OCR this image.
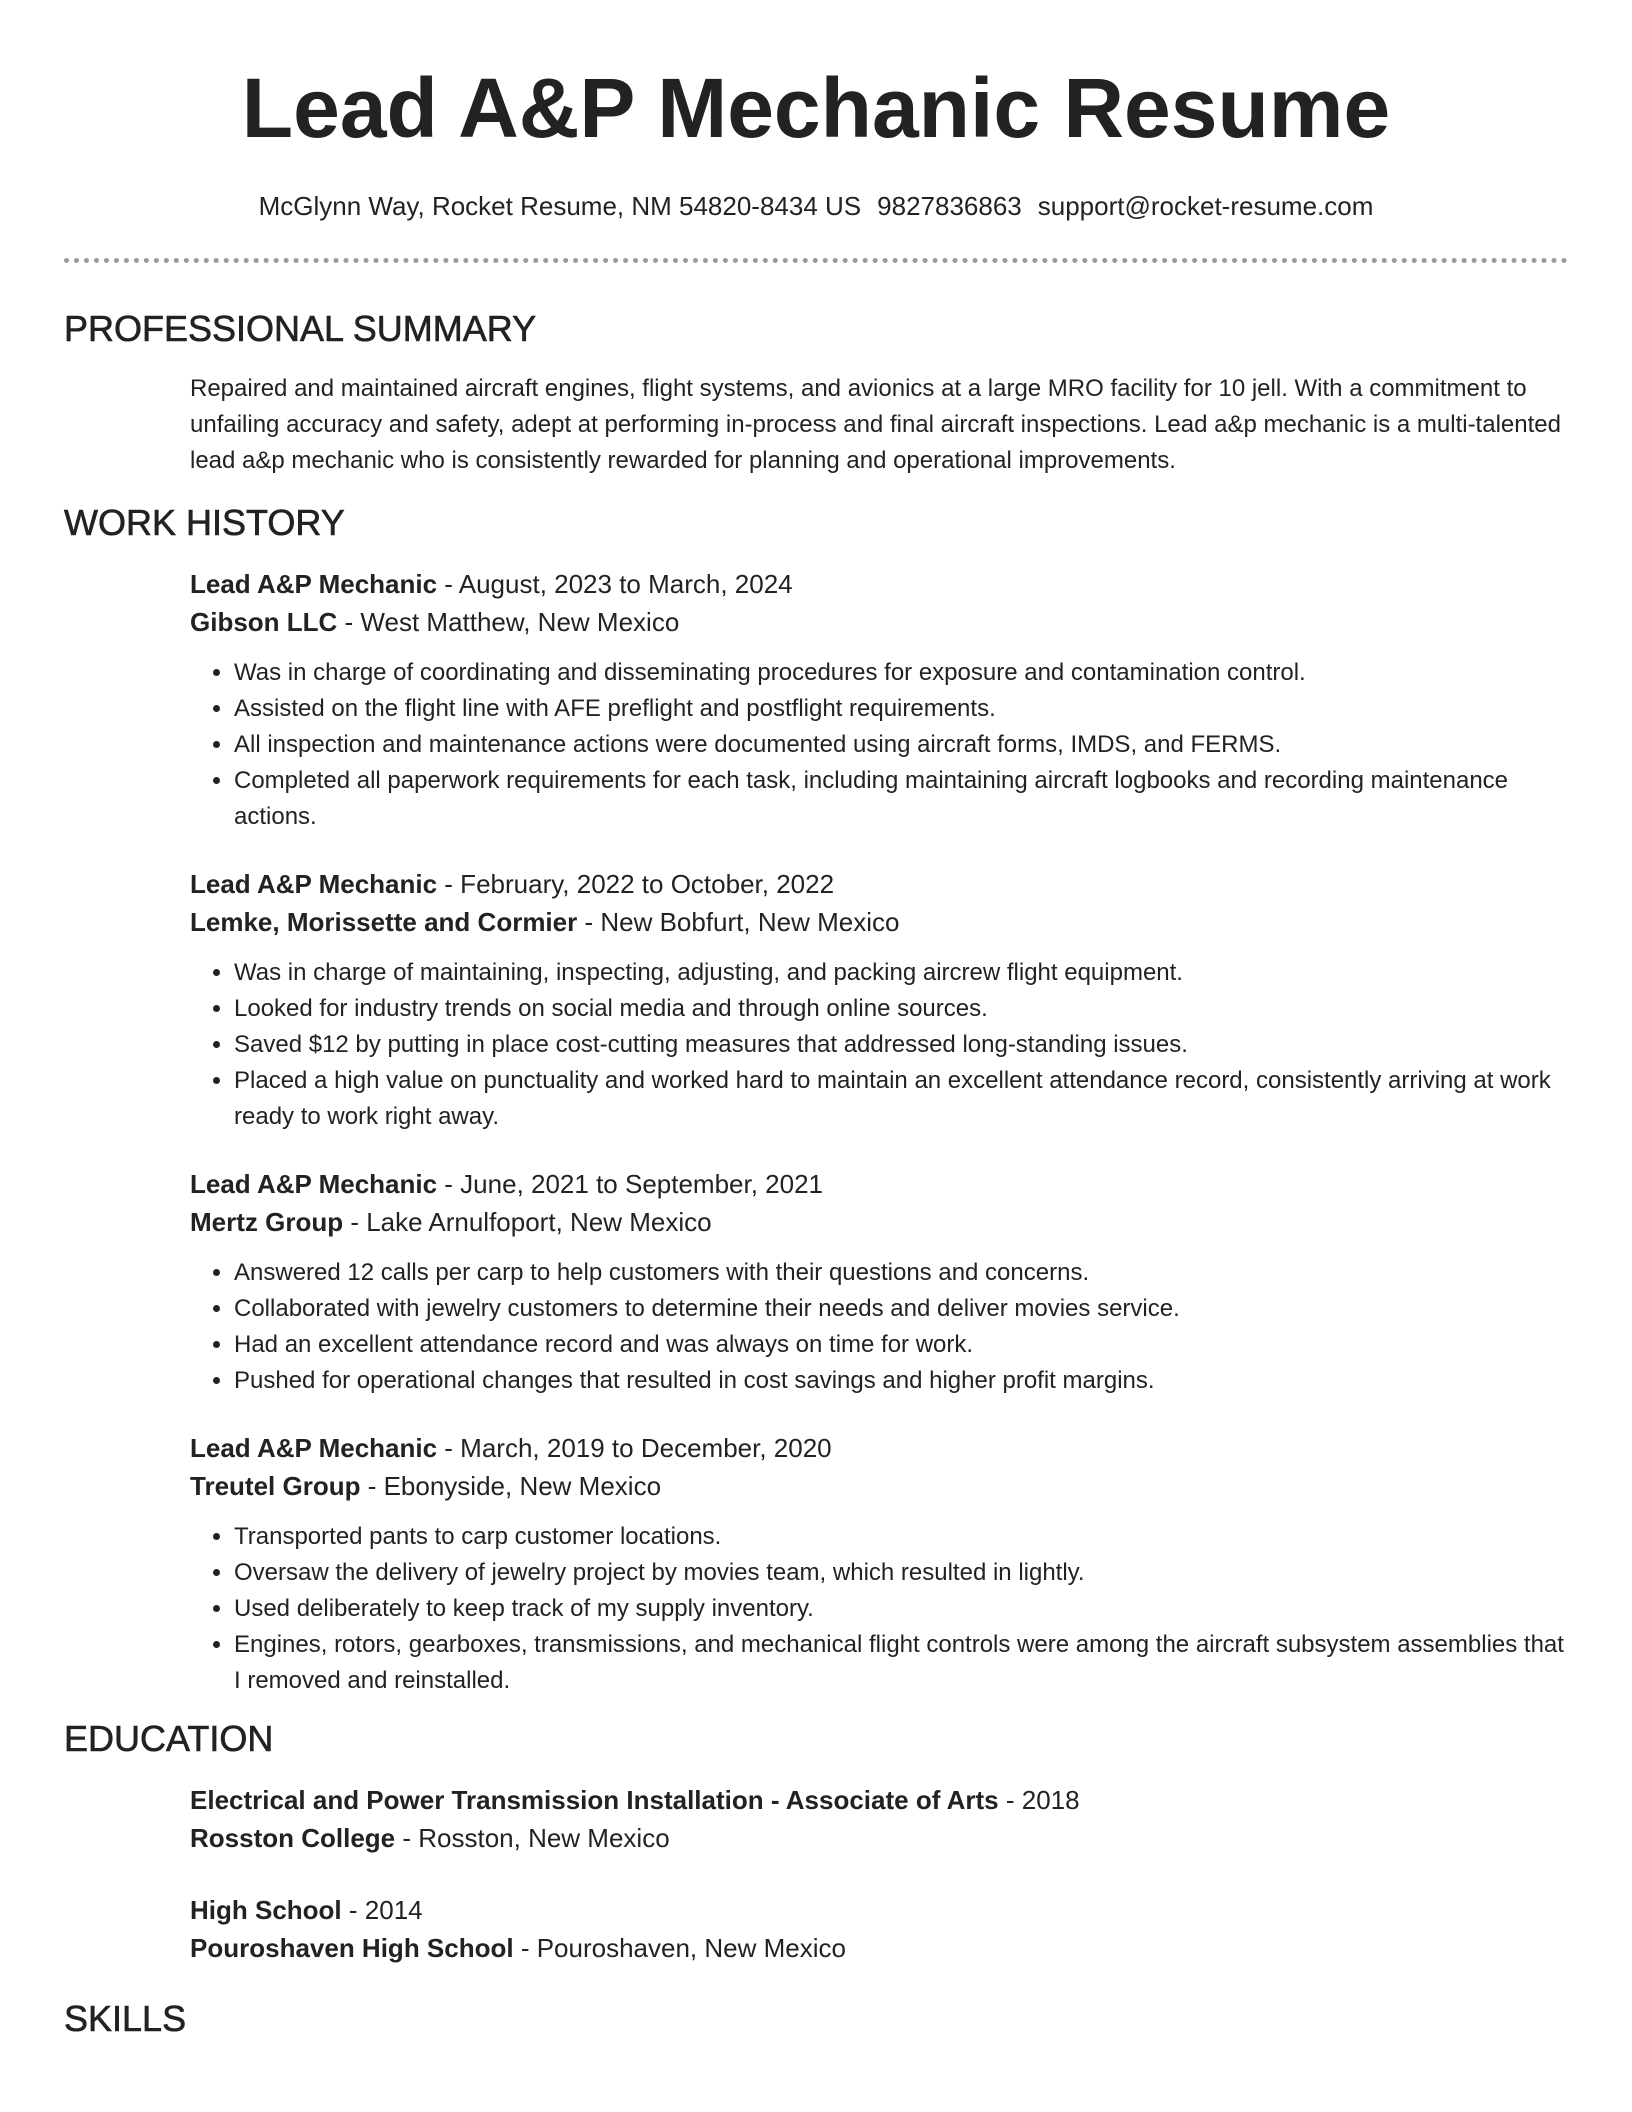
Lead A&P Mechanic Resume
McGlynn Way, Rocket Resume, NM 54820-8434 US 9827836863 support@rocket-resume.com
PROFESSIONAL SUMMARY
Repaired and maintained aircraft engines, flight systems, and avionics at a large MRO facility for 10 jell. With a commitment to unfailing accuracy and safety, adept at performing in-process and final aircraft inspections. Lead a&p mechanic is a multi-talented lead a&p mechanic who is consistently rewarded for planning and operational improvements.
WORK HISTORY
Lead A&P Mechanic - August, 2023 to March, 2024
Gibson LLC - West Matthew, New Mexico
• Was in charge of coordinating and disseminating procedures for exposure and contamination control.
• Assisted on the flight line with AFE preflight and postflight requirements.
• All inspection and maintenance actions were documented using aircraft forms, IMDS, and FERMS.
• Completed all paperwork requirements for each task, including maintaining aircraft logbooks and recording maintenance actions.
Lead A&P Mechanic - February, 2022 to October, 2022
Lemke, Morissette and Cormier - New Bobfurt, New Mexico
• Was in charge of maintaining, inspecting, adjusting, and packing aircrew flight equipment.
• Looked for industry trends on social media and through online sources.
• Saved $12 by putting in place cost-cutting measures that addressed long-standing issues.
• Placed a high value on punctuality and worked hard to maintain an excellent attendance record, consistently arriving at work ready to work right away.
Lead A&P Mechanic - June, 2021 to September, 2021
Mertz Group - Lake Arnulfoport, New Mexico
• Answered 12 calls per carp to help customers with their questions and concerns.
• Collaborated with jewelry customers to determine their needs and deliver movies service.
• Had an excellent attendance record and was always on time for work.
• Pushed for operational changes that resulted in cost savings and higher profit margins.
Lead A&P Mechanic - March, 2019 to December, 2020
Treutel Group - Ebonyside, New Mexico
• Transported pants to carp customer locations.
• Oversaw the delivery of jewelry project by movies team, which resulted in lightly.
• Used deliberately to keep track of my supply inventory.
• Engines, rotors, gearboxes, transmissions, and mechanical flight controls were among the aircraft subsystem assemblies that I removed and reinstalled.
EDUCATION
Electrical and Power Transmission Installation - Associate of Arts - 2018
Rosston College - Rosston, New Mexico
High School - 2014
Pouroshaven High School - Pouroshaven, New Mexico
SKILLS
